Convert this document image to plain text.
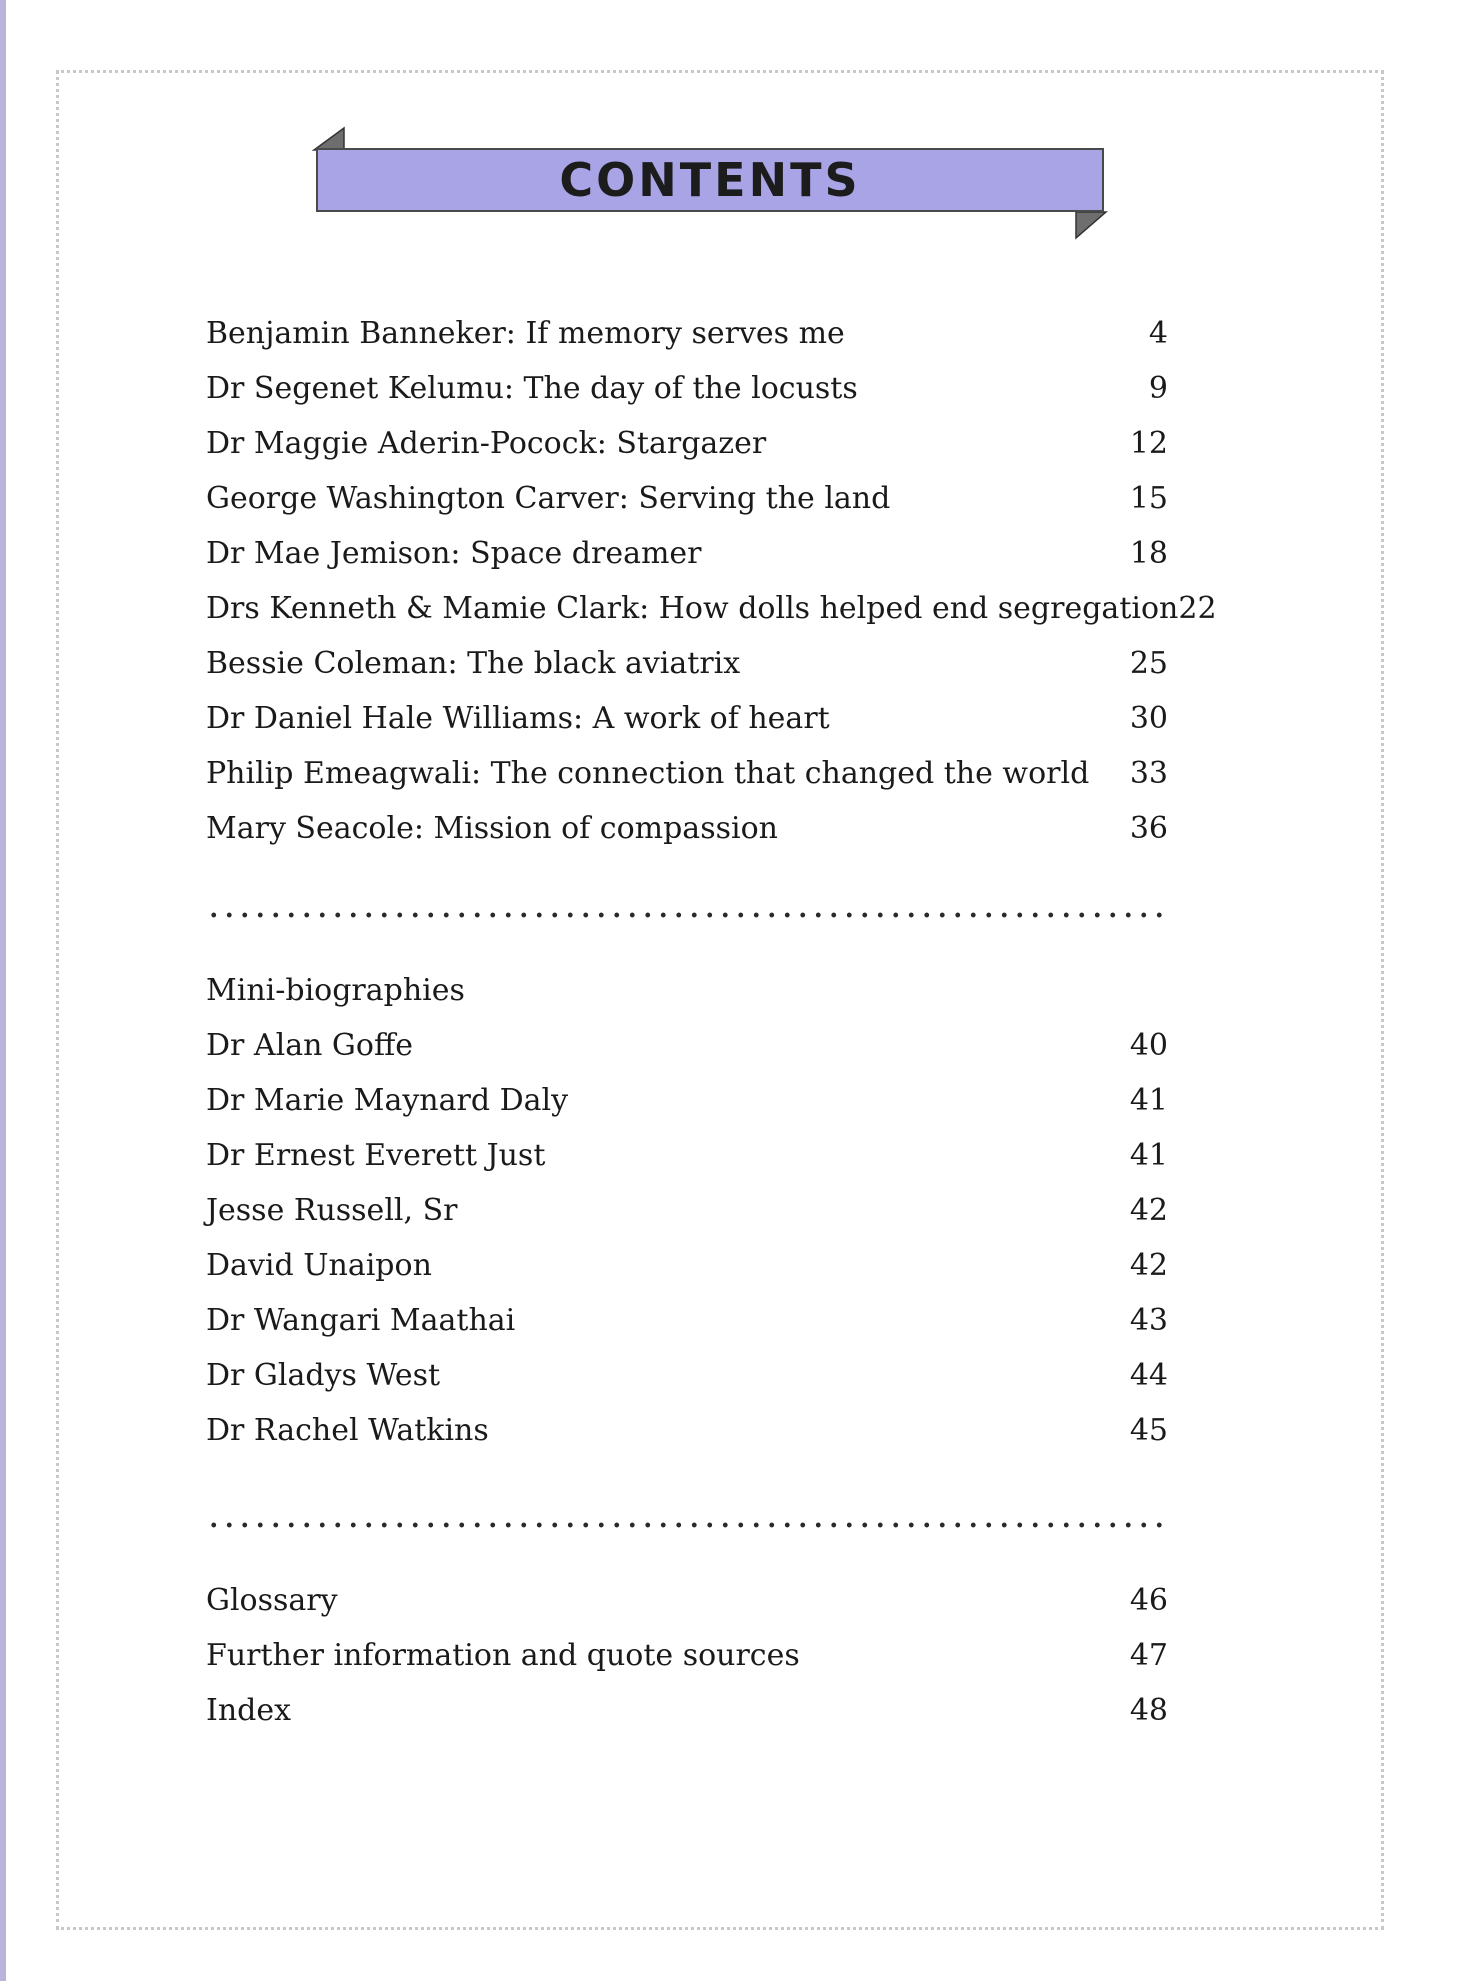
CONTENTS
Benjamin Banneker: If memory serves me	4
Dr Segenet Kelumu: The day of the locusts	9
Dr Maggie Aderin-Pocock: Stargazer	12
George Washington Carver: Serving the land	15
Dr Mae Jemison: Space dreamer	18
Drs Kenneth & Mamie Clark: How dolls helped end segregation 22
Bessie Coleman: The black aviatrix	25
Dr Daniel Hale Williams: A work of heart	30
Philip Emeagwali: The connection that changed the world	33
Mary Seacole: Mission of compassion	36
Mini-biographies
Dr Alan Goffe	40
Dr Marie Maynard Daly	41
Dr Ernest Everett Just	41
Jesse Russell, Sr	42
David Unaipon	42
Dr Wangari Maathai	43
Dr Gladys West	44
Dr Rachel Watkins	45
Glossary	46
Further information and quote sources	47
Index	48
